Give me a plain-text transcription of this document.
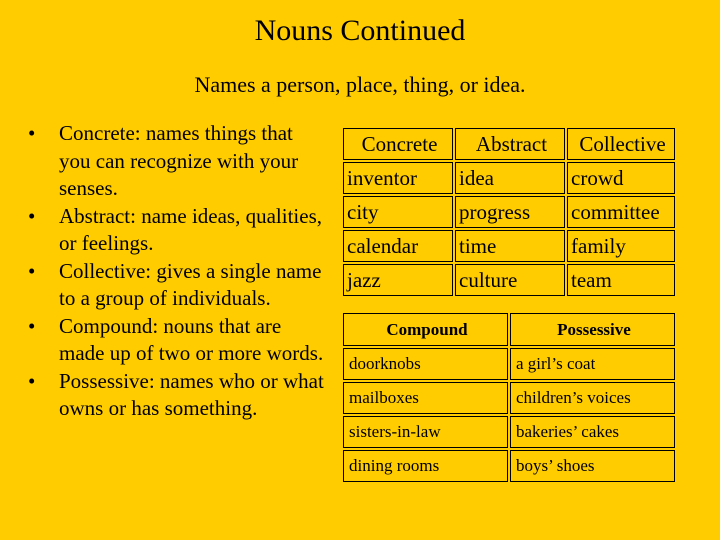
Nouns Continued
Names a person, place, thing, or idea.
• Concrete: names things that you can recognize with your senses.
• Abstract: name ideas, qualities, or feelings.
• Collective: gives a single name to a group of individuals.
• Compound: nouns that are made up of two or more words.
• Possessive: names who or what owns or has something.
Concrete	Abstract	Collective
inventor	idea	crowd
city	progress	committee
calendar	time	family
jazz	culture	team
Compound	Possessive
doorknobs	a girl’s coat
mailboxes	children’s voices
sisters-in-law	bakeries’ cakes
dining rooms	boys’ shoes
